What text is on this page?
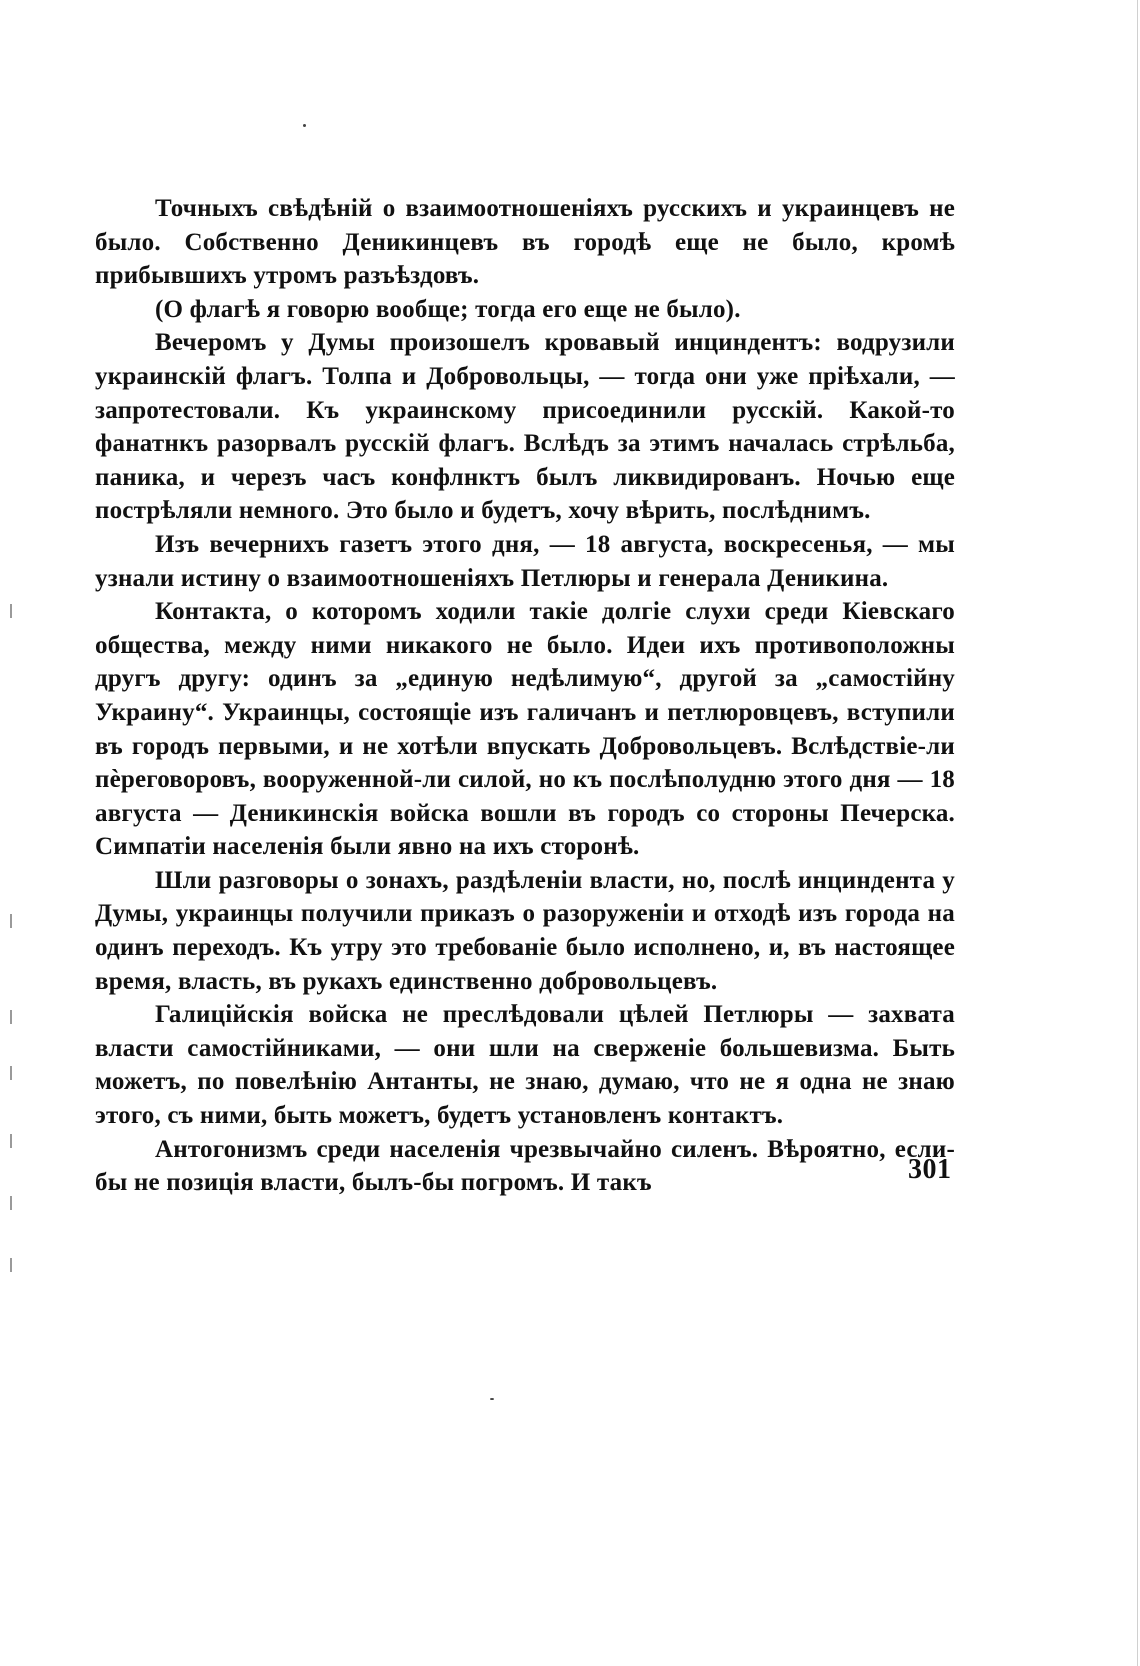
Точныхъ свѣдѣній о взаимоотношеніяхъ русскихъ и украинцевъ не было. Собственно Деникинцевъ въ городѣ еще не было, кромѣ прибывшихъ утромъ разъѣздовъ.

(О флагѣ я говорю вообще; тогда его еще не было).

Вечеромъ у Думы произошелъ кровавый инциндентъ: водрузили украинскій флагъ. Толпа и Добровольцы, — тогда они уже пріѣхали, — запротестовали. Къ украинскому присоединили русскій. Какой-то фанатнкъ разорвалъ русскій флагъ. Вслѣдъ за этимъ началась стрѣльба, паника, и черезъ часъ конфлнктъ былъ ликвидированъ. Ночью еще пострѣляли немного. Это было и будетъ, хочу вѣрить, послѣднимъ.

Изъ вечернихъ газетъ этого дня, — 18 августа, воскресенья, — мы узнали истину о взаимоотношеніяхъ Петлюры и генерала Деникина.

Контакта, о которомъ ходили такіе долгіе слухи среди Кіевскаго общества, между ними никакого не было. Идеи ихъ противоположны другъ другу: одинъ за „единую недѣлимую“, другой за „самостійну Украину“. Украинцы, состоящіе изъ галичанъ и петлюровцевъ, вступили въ городъ первыми, и не хотѣли впускать Добровольцевъ. Вслѣдствіе-ли пѐреговоровъ, вооруженной-ли силой, но къ послѣполудню этого дня — 18 августа — Деникинскія войска вошли въ городъ со стороны Печерска. Симпатіи населенія были явно на ихъ сторонѣ.

Шли разговоры о зонахъ, раздѣленіи власти, но, послѣ инциндента у Думы, украинцы получили приказъ о разоруженіи и отходѣ изъ города на одинъ переходъ. Къ утру это требованіе было исполнено, и, въ настоящее время, власть, въ рукахъ единственно добровольцевъ.

Галиційскія войска не преслѣдовали цѣлей Петлюры — захвата власти самостійниками, — они шли на сверженіе большевизма. Быть можетъ, по повелѣнію Антанты, не знаю, думаю, что не я одна не знаю этого, съ ними, быть можетъ, будетъ установленъ контактъ.

Антогонизмъ среди населенія чрезвычайно силенъ. Вѣроятно, если-бы не позиція власти, былъ-бы погромъ. И такъ	301
